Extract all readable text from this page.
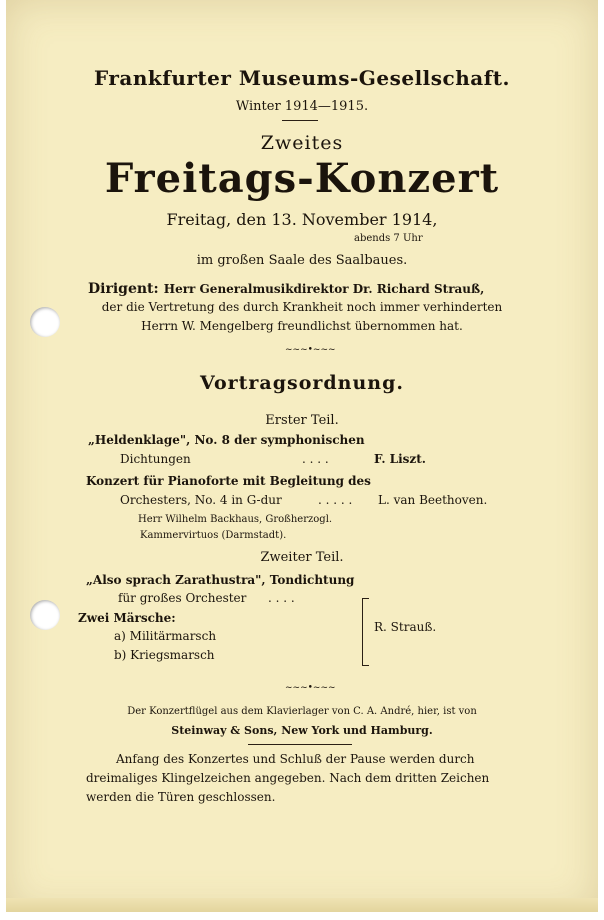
Frankfurter Museums-Gesellschaft.
Winter 1914—1915.
Zweites
Freitags-Konzert
Freitag, den 13. November 1914,
abends 7 Uhr
im großen Saale des Saalbaues.
Dirigent: Herr Generalmusikdirektor Dr. Richard Strauß,
der die Vertretung des durch Krankheit noch immer verhinderten
Herrn W. Mengelberg freundlichst übernommen hat.
~~~•~~~
Vortragsordnung.
Erster Teil.
„Heldenklage", No. 8 der symphonischen
Dichtungen	. . . .	F. Liszt.
Konzert für Pianoforte mit Begleitung des
Orchesters, No. 4 in G-dur	. . . . . L. van Beethoven.
Herr Wilhelm Backhaus, Großherzogl.
Kammervirtuos (Darmstadt).
Zweiter Teil.
„Also sprach Zarathustra", Tondichtung
für großes Orchester . . . .
Zwei Märsche:
a) Militärmarsch
b) Kriegsmarsch
R. Strauß.
~~~•~~~
Der Konzertflügel aus dem Klavierlager von C. A. André, hier, ist von
Steinway & Sons, New York und Hamburg.
Anfang des Konzertes und Schluß der Pause werden durch
dreimaliges Klingelzeichen angegeben. Nach dem dritten Zeichen
werden die Türen geschlossen.
